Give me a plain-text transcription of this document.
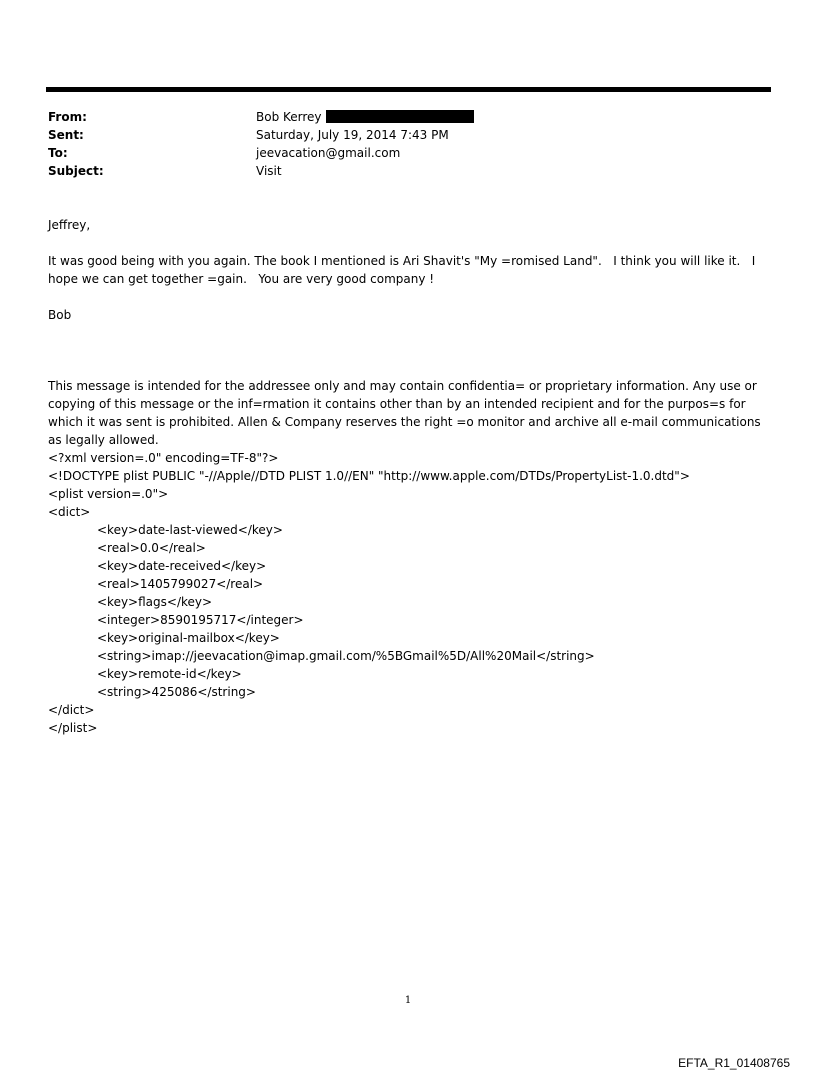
From:	Bob Kerrey
Sent:	Saturday, July 19, 2014 7:43 PM
To:	jeevacation@gmail.com
Subject:	Visit

Jeffrey,

It was good being with you again. The book I mentioned is Ari Shavit's "My =romised Land".   I think you will like it.   I hope we can get together =gain.   You are very good company !

Bob

This message is intended for the addressee only and may contain confidentia= or proprietary information. Any use or copying of this message or the inf=rmation it contains other than by an intended recipient and for the purpos=s for which it was sent is prohibited. Allen & Company reserves the right =o monitor and archive all e-mail communications as legally allowed.

<?xml version=.0" encoding=TF-8"?>
<!DOCTYPE plist PUBLIC "-//Apple//DTD PLIST 1.0//EN" "http://www.apple.com/DTDs/PropertyList-1.0.dtd">
<plist version=.0">
<dict>
<key>date-last-viewed</key>
<real>0.0</real>
<key>date-received</key>
<real>1405799027</real>
<key>flags</key>
<integer>8590195717</integer>
<key>original-mailbox</key>
<string>imap://jeevacation@imap.gmail.com/%5BGmail%5D/All%20Mail</string>
<key>remote-id</key>
<string>425086</string>
</dict>
</plist>
1
EFTA_R1_01408765
